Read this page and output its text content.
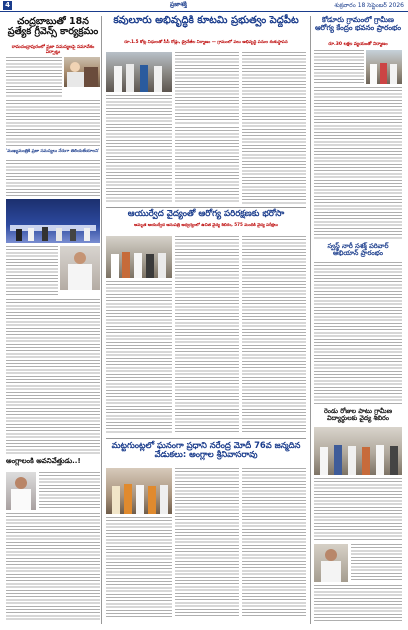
4	ప్రజాశక్తి	శుక్రవారం 18 సెప్టెంబర్ 2026
చంద్రబాబుతో 18న ప్రత్యేక గ్రీవెన్స్ కార్యక్రమం
రామచంద్రాపురంలో ప్రజా సమస్యలపై సమావేశం ఏర్పాట్లు
'ముఖ్యమంత్రికి ప్రజా సమస్యలు నేరుగా తెలియజేయాలని'
అంగ్లాలంకి అవనివేత్తుడు..!
కవులూరు అభివృద్ధికి కూటమి ప్రభుత్వం పెద్దపీట
రూ.1.5 కోట్ల నిధులతో సీసీ రోడ్లు, డ్రైనేజీల నిర్మాణం — గ్రామంలో పలు అభివృద్ధి పనుల శంకుస్థాపన
ఆయుర్వేద వైద్యంతో ఆరోగ్య పరిరక్షణకు భరోసా
అమృత ఆయుర్వేద ఆసుపత్రి ఆధ్వర్యంలో ఉచిత వైద్య శిబిరం, 575 మందికి వైద్య పరీక్షలు
మట్టగుంట్లలో ఘనంగా ప్రధాని నరేంద్ర మోదీ 76వ జన్మదిన వేడుకలు: అంగ్లాల శ్రీనివాసరావు
కోడూరు గ్రామంలో గ్రామీణ ఆరోగ్య కేంద్రం భవనం ప్రారంభం
రూ.30 లక్షల వ్యయంతో నిర్మాణం
స్వస్థ్ నారీ సశక్త్ పరివార్ అభియాన్ ప్రారంభం
రెండు రోజుల పాటు గ్రామీణ విద్యార్థులకు వైద్య శిబిరం
